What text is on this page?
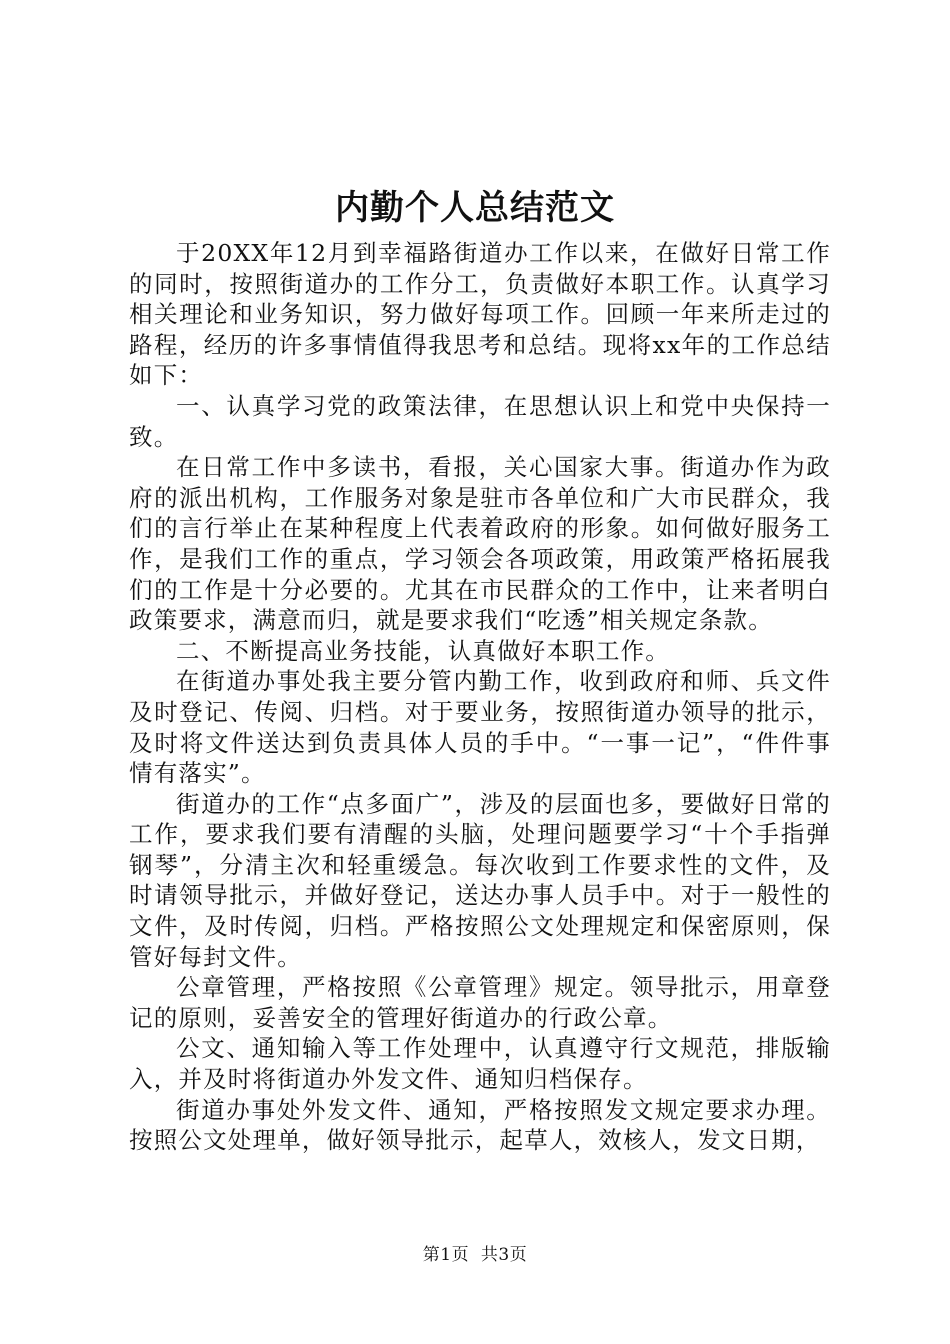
内勤个人总结范文

于20XX年12月到幸福路街道办工作以来，在做好日常工作的同时，按照街道办的工作分工，负责做好本职工作。认真学习相关理论和业务知识，努力做好每项工作。回顾一年来所走过的路程，经历的许多事情值得我思考和总结。现将xx年的工作总结如下：

一、认真学习党的政策法律，在思想认识上和党中央保持一致。

在日常工作中多读书，看报，关心国家大事。街道办作为政府的派出机构，工作服务对象是驻市各单位和广大市民群众，我们的言行举止在某种程度上代表着政府的形象。如何做好服务工作，是我们工作的重点，学习领会各项政策，用政策严格拓展我们的工作是十分必要的。尤其在市民群众的工作中，让来者明白政策要求，满意而归，就是要求我们“吃透”相关规定条款。

二、不断提高业务技能，认真做好本职工作。

在街道办事处我主要分管内勤工作，收到政府和师、兵文件及时登记、传阅、归档。对于要业务，按照街道办领导的批示，及时将文件送达到负责具体人员的手中。“一事一记”，“件件事情有落实”。

街道办的工作“点多面广”，涉及的层面也多，要做好日常的工作，要求我们要有清醒的头脑，处理问题要学习“十个手指弹钢琴”，分清主次和轻重缓急。每次收到工作要求性的文件，及时请领导批示，并做好登记，送达办事人员手中。对于一般性的文件，及时传阅，归档。严格按照公文处理规定和保密原则，保管好每封文件。

公章管理，严格按照《公章管理》规定。领导批示，用章登记的原则，妥善安全的管理好街道办的行政公章。

公文、通知输入等工作处理中，认真遵守行文规范，排版输入，并及时将街道办外发文件、通知归档保存。

街道办事处外发文件、通知，严格按照发文规定要求办理。按照公文处理单，做好领导批示，起草人，效核人，发文日期，

第1页 共3页
